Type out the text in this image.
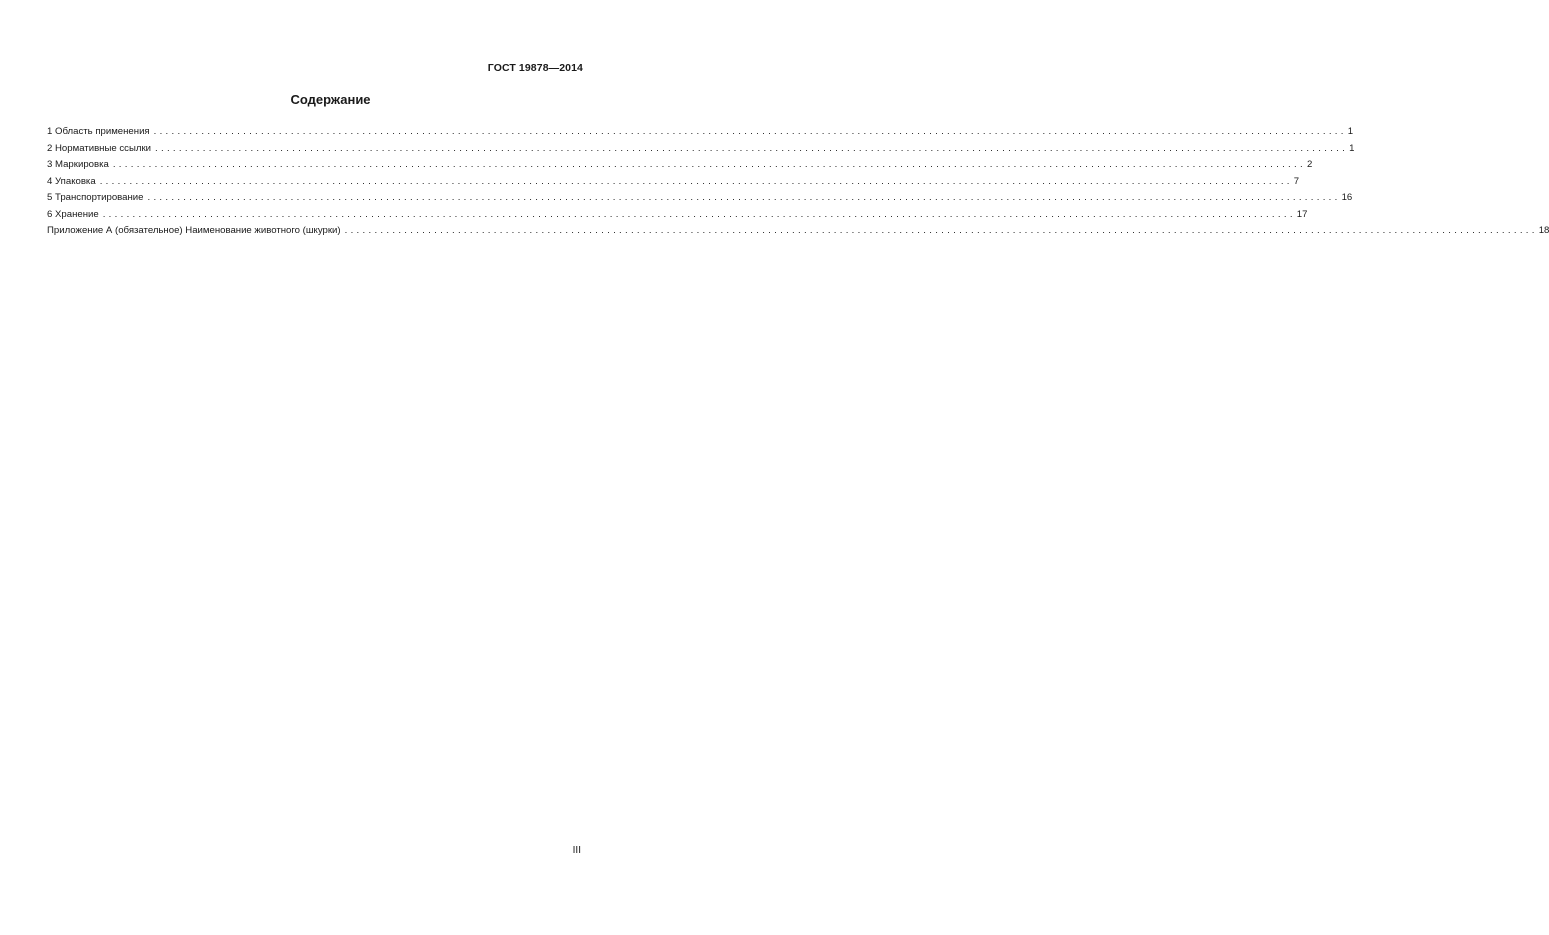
ГОСТ 19878—2014
Содержание
1 Область применения ........................................................................................................................................................................................................ 1
2 Нормативные ссылки ........................................................................................................................................................................................................ 1
3 Маркировка ........................................................................................................................................................................................................ 2
4 Упаковка ........................................................................................................................................................................................................ 7
5 Транспортирование ........................................................................................................................................................................................................ 16
6 Хранение ........................................................................................................................................................................................................ 17
Приложение А (обязательное) Наименование животного (шкурки) ........................................................................................................................................................................................................ 18
III
